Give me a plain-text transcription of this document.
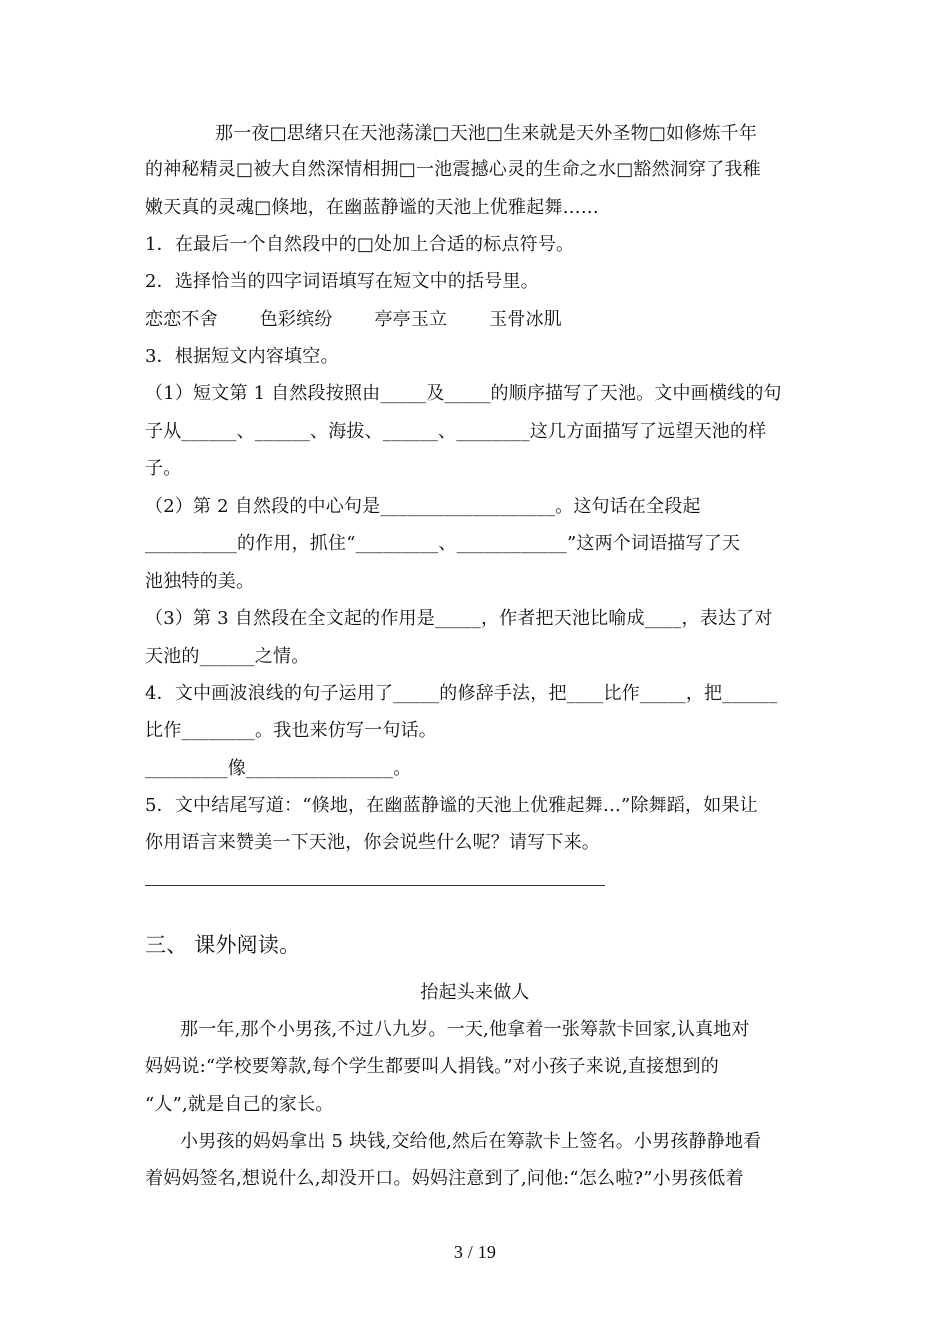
那一夜□思绪只在天池荡漾□天池□生来就是天外圣物□如修炼千年
的神秘精灵□被大自然深情相拥□一池震撼心灵的生命之水□豁然洞穿了我稚
嫩天真的灵魂□倏地，在幽蓝静谧的天池上优雅起舞……
1．在最后一个自然段中的□处加上合适的标点符号。
2．选择恰当的四字词语填写在短文中的括号里。
恋恋不舍 色彩缤纷 亭亭玉立 玉骨冰肌
3．根据短文内容填空。
（1）短文第 1 自然段按照由_____及_____的顺序描写了天池。文中画横线的句
子从______、______、海拔、______、________这几方面描写了远望天池的样
子。
（2）第 2 自然段的中心句是___________________。这句话在全段起
__________的作用，抓住“_________、____________”这两个词语描写了天
池独特的美。
（3）第 3 自然段在全文起的作用是_____，作者把天池比喻成____，表达了对
天池的______之情。
4．文中画波浪线的句子运用了_____的修辞手法，把____比作_____，把______
比作________。我也来仿写一句话。
_________像________________。
5．文中结尾写道：“倏地，在幽蓝静谧的天池上优雅起舞…”除舞蹈，如果让
你用语言来赞美一下天池，你会说些什么呢？请写下来。
三、 课外阅读。
抬起头来做人
那一年,那个小男孩,不过八九岁。一天,他拿着一张筹款卡回家,认真地对
妈妈说:“学校要筹款,每个学生都要叫人捐钱。”对小孩子来说,直接想到的
“人”,就是自己的家长。
小男孩的妈妈拿出 5 块钱,交给他,然后在筹款卡上签名。小男孩静静地看
着妈妈签名,想说什么,却没开口。妈妈注意到了,问他:“怎么啦?”小男孩低着
3 / 19
